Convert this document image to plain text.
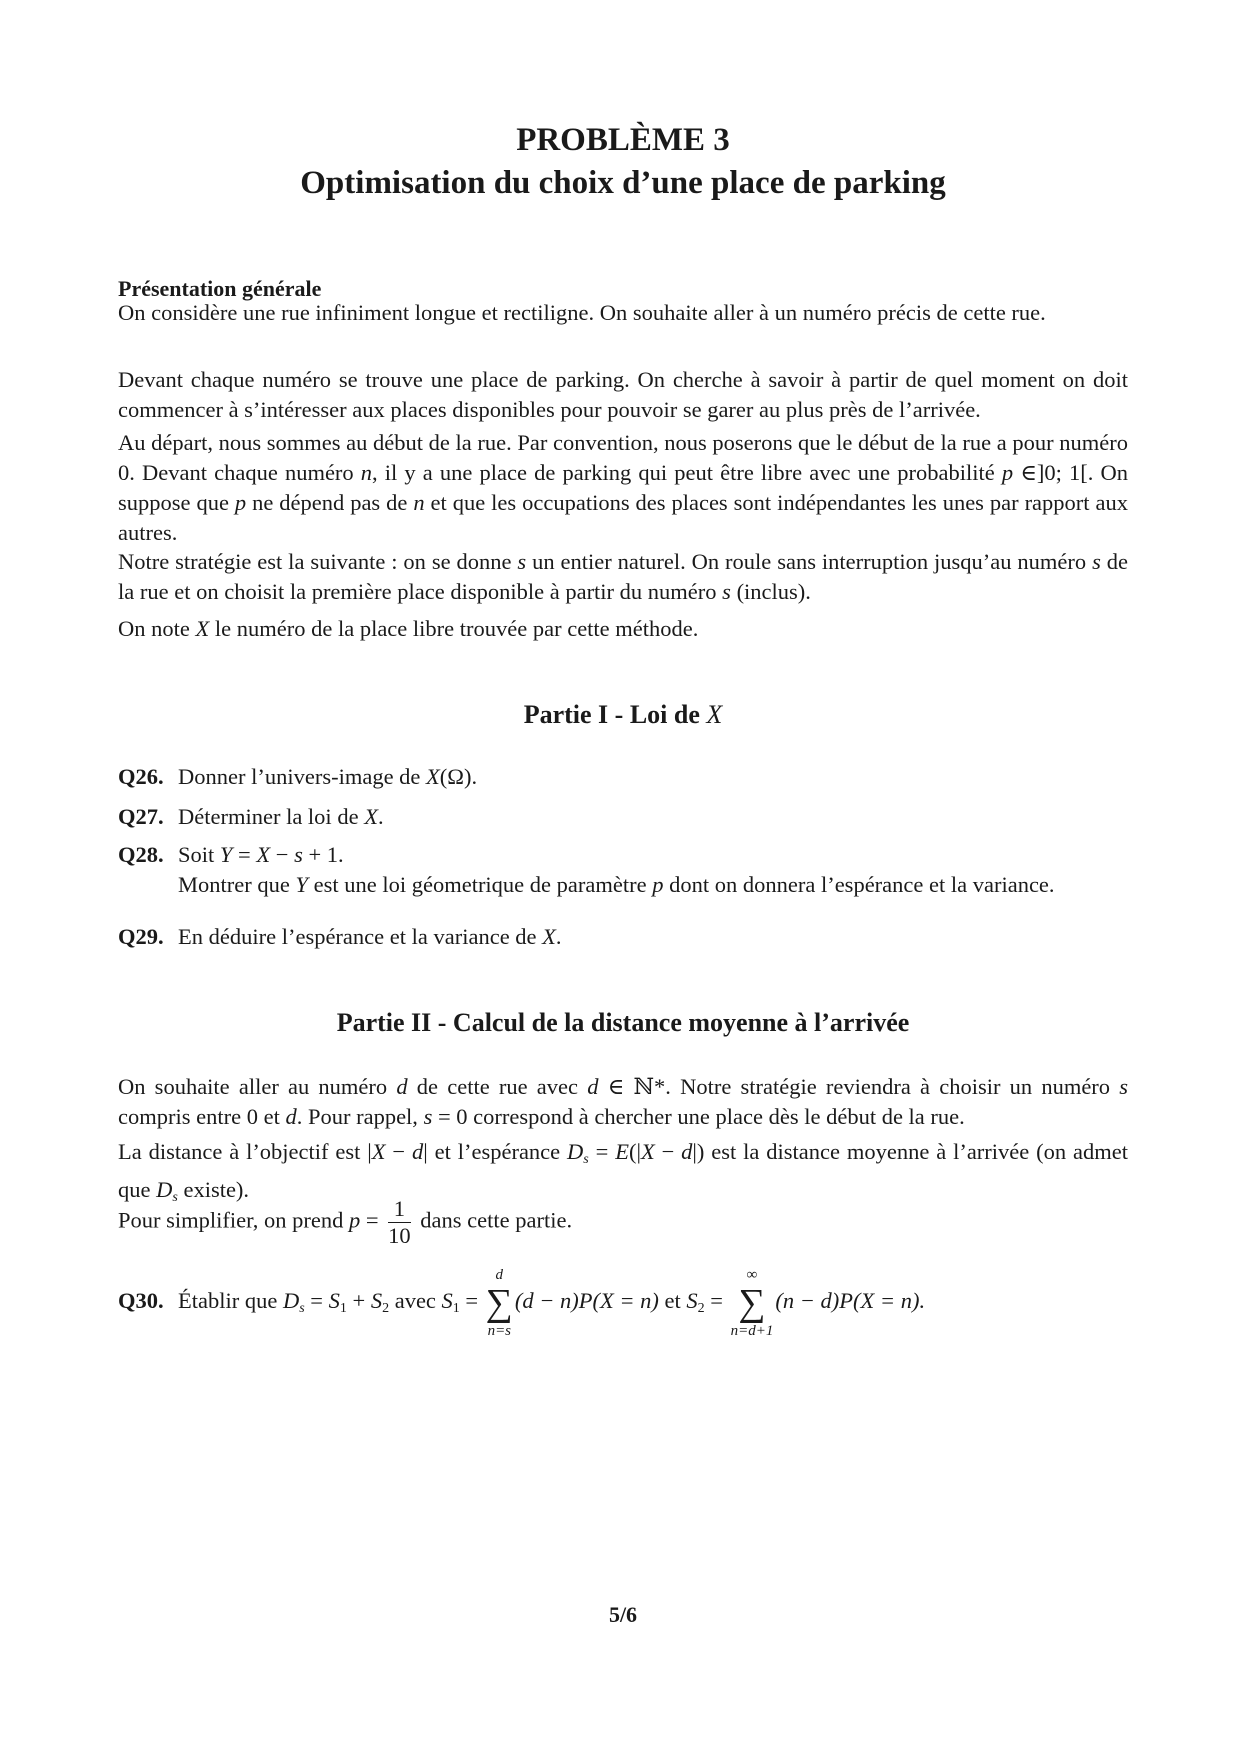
PROBLÈME 3
Optimisation du choix d’une place de parking
Présentation générale
On considère une rue infiniment longue et rectiligne. On souhaite aller à un numéro précis de cette rue.
Devant chaque numéro se trouve une place de parking. On cherche à savoir à partir de quel moment on doit commencer à s’intéresser aux places disponibles pour pouvoir se garer au plus près de l’arrivée.
Au départ, nous sommes au début de la rue. Par convention, nous poserons que le début de la rue a pour numéro 0. Devant chaque numéro n, il y a une place de parking qui peut être libre avec une probabilité p ∈]0; 1[. On suppose que p ne dépend pas de n et que les occupations des places sont indépendantes les unes par rapport aux autres.
Notre stratégie est la suivante : on se donne s un entier naturel. On roule sans interruption jusqu’au numéro s de la rue et on choisit la première place disponible à partir du numéro s (inclus).
On note X le numéro de la place libre trouvée par cette méthode.
Partie I - Loi de X
Q26. Donner l’univers-image de X(Ω).
Q27. Déterminer la loi de X.
Q28. Soit Y = X − s + 1.
Montrer que Y est une loi géometrique de paramètre p dont on donnera l’espérance et la variance.
Q29. En déduire l’espérance et la variance de X.
Partie II - Calcul de la distance moyenne à l’arrivée
On souhaite aller au numéro d de cette rue avec d ∈ ℕ*. Notre stratégie reviendra à choisir un numéro s compris entre 0 et d. Pour rappel, s = 0 correspond à chercher une place dès le début de la rue.
La distance à l’objectif est |X − d| et l’espérance $D_s = E(|X - d|)$ est la distance moyenne à l’arrivée (on admet que $D_s$ existe).
Pour simplifier, on prend $p = \frac{1}{10}$ dans cette partie.
Q30. Établir que $D_s = S_1 + S_2$ avec $S_1$ =
d
∑
n=s
(d − n)P(X = n) et $S_2$ =
∞
∑
n=d+1
(n − d)P(X = n).
5/6
